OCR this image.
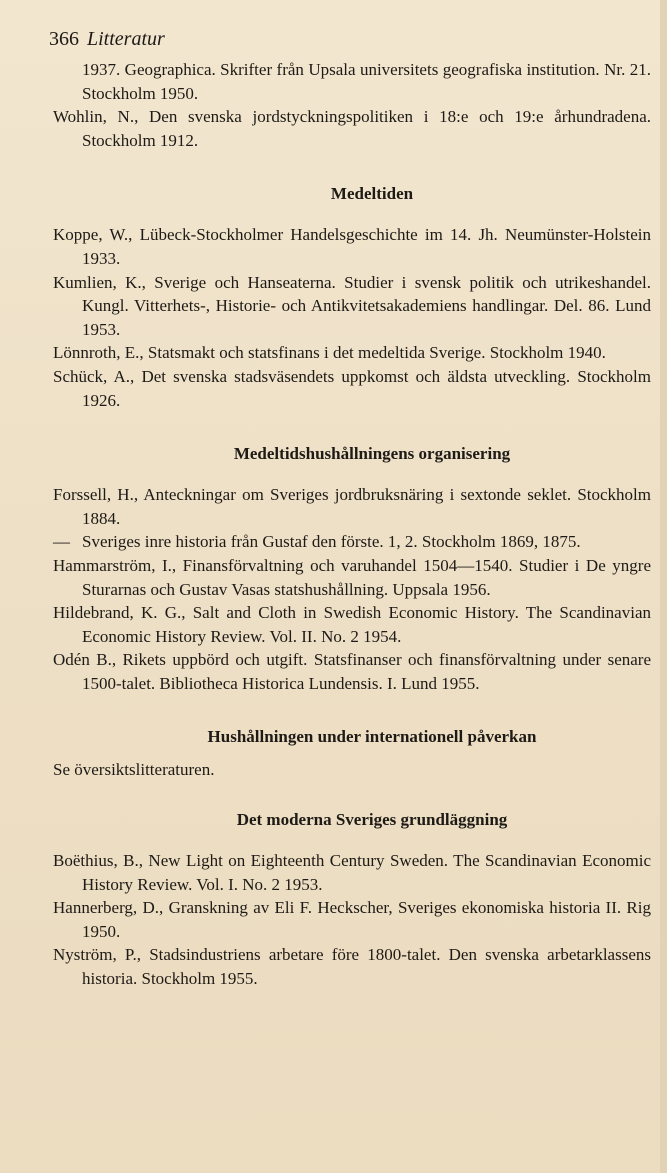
366 Litteratur
1937. Geographica. Skrifter från Upsala universitets geografiska institution. Nr. 21. Stockholm 1950.
Wohlin, N., Den svenska jordstyckningspolitiken i 18:e och 19:e århundradena. Stockholm 1912.
Medeltiden
Koppe, W., Lübeck-Stockholmer Handelsgeschichte im 14. Jh. Neumünster-Holstein 1933.
Kumlien, K., Sverige och Hanseaterna. Studier i svensk politik och utrikeshandel. Kungl. Vitterhets-, Historie- och Antikvitetsakademiens handlingar. Del. 86. Lund 1953.
Lönnroth, E., Statsmakt och statsfinans i det medeltida Sverige. Stockholm 1940.
Schück, A., Det svenska stadsväsendets uppkomst och äldsta utveckling. Stockholm 1926.
Medeltidshushållningens organisering
Forssell, H., Anteckningar om Sveriges jordbruksnäring i sextonde seklet. Stockholm 1884.
— Sveriges inre historia från Gustaf den förste. 1, 2. Stockholm 1869, 1875.
Hammarström, I., Finansförvaltning och varuhandel 1504—1540. Studier i De yngre Sturarnas och Gustav Vasas statshushållning. Uppsala 1956.
Hildebrand, K. G., Salt and Cloth in Swedish Economic History. The Scandinavian Economic History Review. Vol. II. No. 2 1954.
Odén B., Rikets uppbörd och utgift. Statsfinanser och finansförvaltning under senare 1500-talet. Bibliotheca Historica Lundensis. I. Lund 1955.
Hushållningen under internationell påverkan
Se översiktslitteraturen.
Det moderna Sveriges grundläggning
Boëthius, B., New Light on Eighteenth Century Sweden. The Scandinavian Economic History Review. Vol. I. No. 2 1953.
Hannerberg, D., Granskning av Eli F. Heckscher, Sveriges ekonomiska historia II. Rig 1950.
Nyström, P., Stadsindustriens arbetare före 1800-talet. Den svenska arbetarklassens historia. Stockholm 1955.
